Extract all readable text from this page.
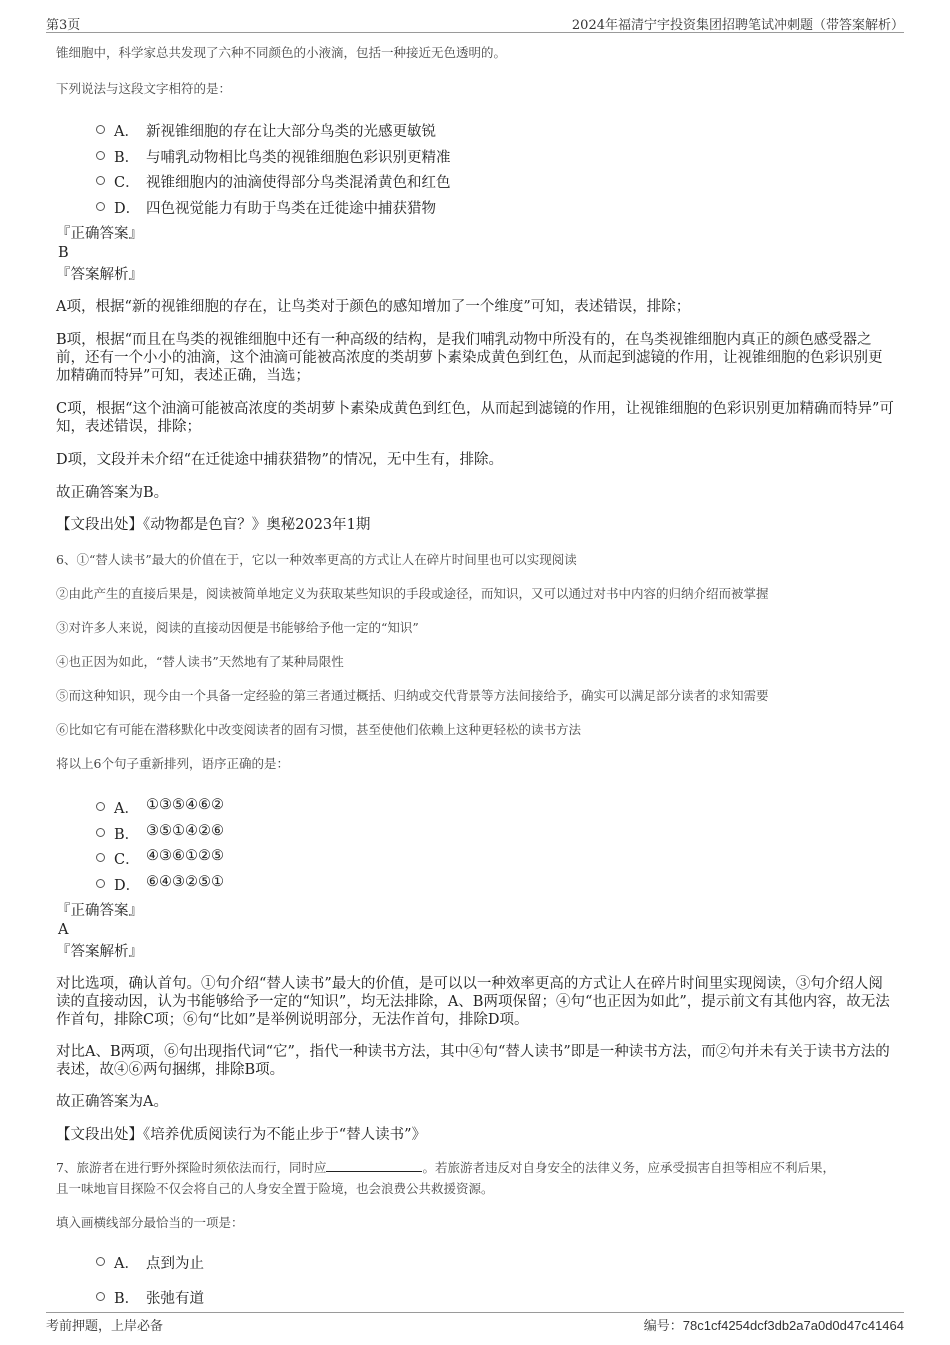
第3页	2024年福清宁宇投资集团招聘笔试冲刺题（带答案解析）

锥细胞中，科学家总共发现了六种不同颜色的小液滴，包括一种接近无色透明的。

下列说法与这段文字相符的是：

A． 新视锥细胞的存在让大部分鸟类的光感更敏锐
B． 与哺乳动物相比鸟类的视锥细胞色彩识别更精准
C． 视锥细胞内的油滴使得部分鸟类混淆黄色和红色
D． 四色视觉能力有助于鸟类在迁徙途中捕获猎物

『正确答案』

B

『答案解析』

A项，根据“新的视锥细胞的存在，让鸟类对于颜色的感知增加了一个维度”可知，表述错误，排除；

B项，根据“而且在鸟类的视锥细胞中还有一种高级的结构，是我们哺乳动物中所没有的，在鸟类视锥细胞内真正的颜色感受器之前，还有一个小小的油滴，这个油滴可能被高浓度的类胡萝卜素染成黄色到红色，从而起到滤镜的作用，让视锥细胞的色彩识别更加精确而特异”可知，表述正确，当选；

C项，根据“这个油滴可能被高浓度的类胡萝卜素染成黄色到红色，从而起到滤镜的作用，让视锥细胞的色彩识别更加精确而特异”可知，表述错误，排除；

D项，文段并未介绍“在迁徙途中捕获猎物”的情况，无中生有，排除。

故正确答案为B。

【文段出处】《动物都是色盲？》奥秘2023年1期

6、①“替人读书”最大的价值在于，它以一种效率更高的方式让人在碎片时间里也可以实现阅读

②由此产生的直接后果是，阅读被简单地定义为获取某些知识的手段或途径，而知识，又可以通过对书中内容的归纳介绍而被掌握

③对许多人来说，阅读的直接动因便是书能够给予他一定的“知识”

④也正因为如此，“替人读书”天然地有了某种局限性

⑤而这种知识，现今由一个具备一定经验的第三者通过概括、归纳或交代背景等方法间接给予，确实可以满足部分读者的求知需要

⑥比如它有可能在潜移默化中改变阅读者的固有习惯，甚至使他们依赖上这种更轻松的读书方法

将以上6个句子重新排列，语序正确的是：

A． ①③⑤④⑥②
B． ③⑤①④②⑥
C． ④③⑥①②⑤
D． ⑥④③②⑤①

『正确答案』

A

『答案解析』

对比选项，确认首句。①句介绍“替人读书”最大的价值，是可以以一种效率更高的方式让人在碎片时间里实现阅读，③句介绍人阅读的直接动因，认为书能够给予一定的“知识”，均无法排除，A、B两项保留；④句“也正因为如此”，提示前文有其他内容，故无法作首句，排除C项；⑥句“比如”是举例说明部分，无法作首句，排除D项。

对比A、B两项，⑥句出现指代词“它”，指代一种读书方法，其中④句“替人读书”即是一种读书方法，而②句并未有关于读书方法的表述，故④⑥两句捆绑，排除B项。

故正确答案为A。

【文段出处】《培养优质阅读行为不能止步于“替人读书”》

7、旅游者在进行野外探险时须依法而行，同时应	。若旅游者违反对自身安全的法律义务，应承受损害自担等相应不利后果，

且一味地盲目探险不仅会将自己的人身安全置于险境，也会浪费公共救援资源。

填入画横线部分最恰当的一项是：

A． 点到为止
B． 张弛有道
考前押题，上岸必备	编号：78c1cf4254dcf3db2a7a0d0d47c41464
